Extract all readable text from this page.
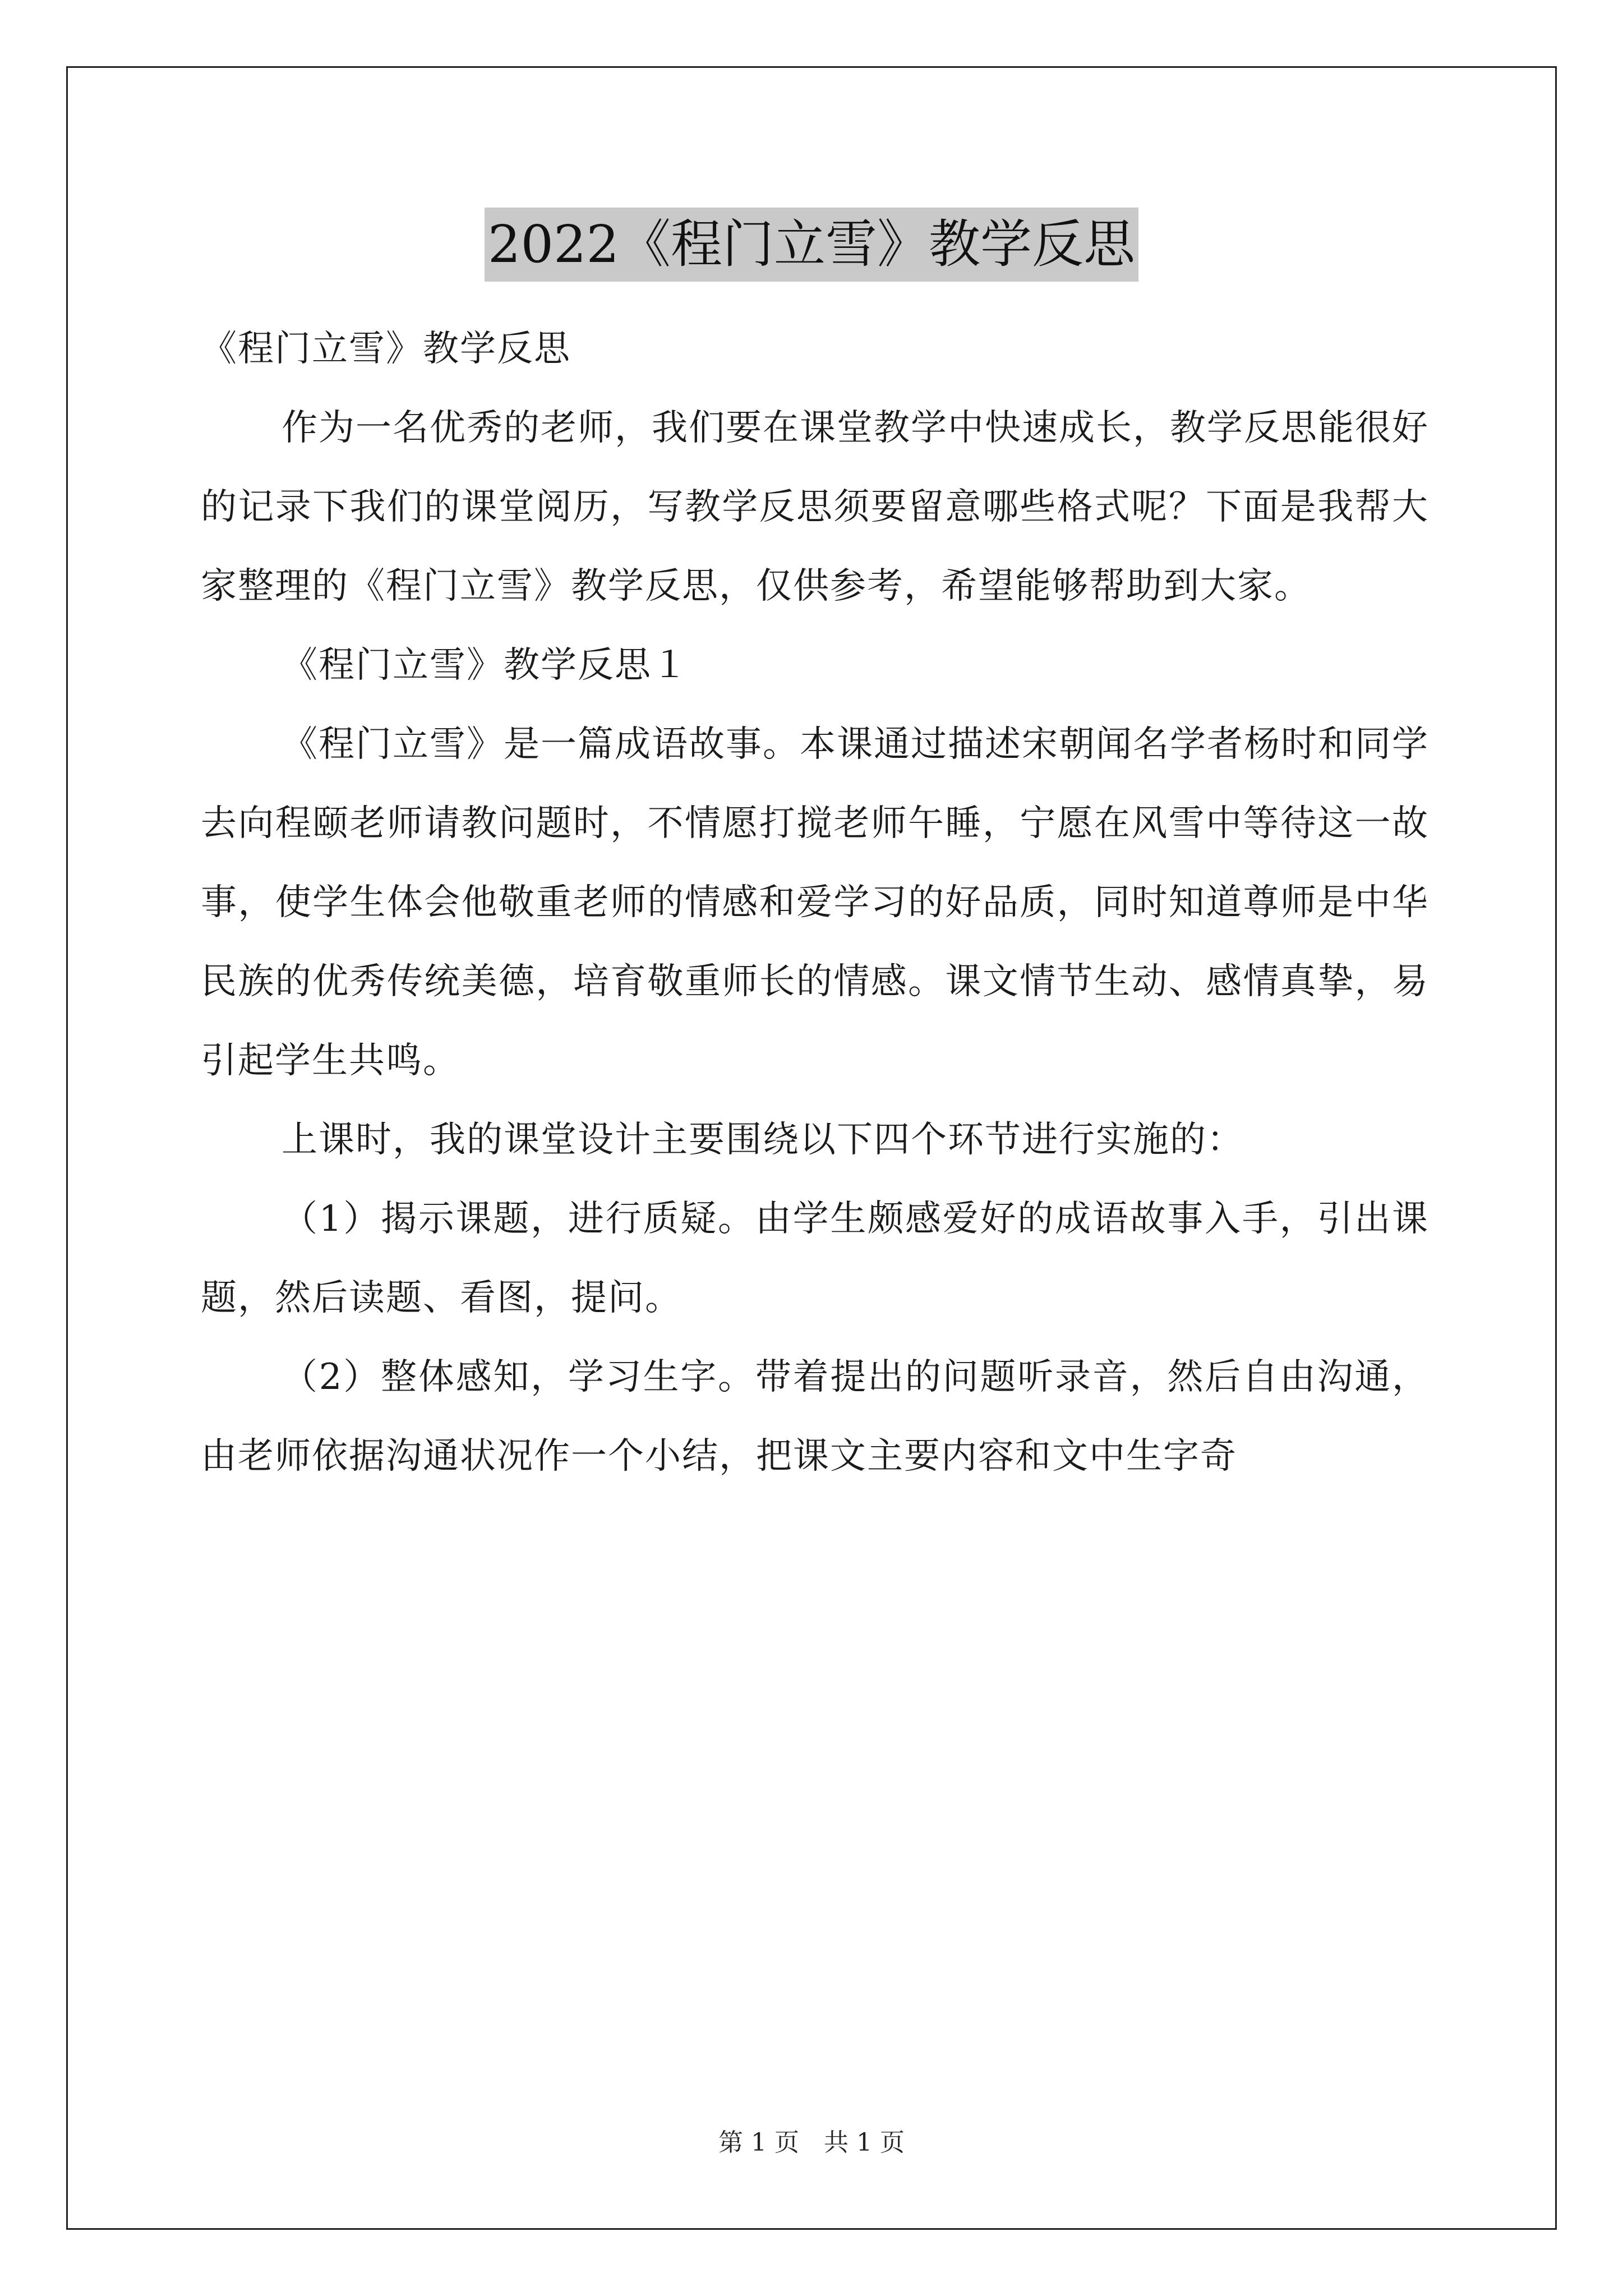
2022《程门立雪》教学反思

《程门立雪》教学反思

作为一名优秀的老师，我们要在课堂教学中快速成长，教学反思能很好的记录下我们的课堂阅历，写教学反思须要留意哪些格式呢？下面是我帮大家整理的《程门立雪》教学反思，仅供参考，希望能够帮助到大家。

《程门立雪》教学反思１

《程门立雪》是一篇成语故事。本课通过描述宋朝闻名学者杨时和同学去向程颐老师请教问题时，不情愿打搅老师午睡，宁愿在风雪中等待这一故事，使学生体会他敬重老师的情感和爱学习的好品质，同时知道尊师是中华民族的优秀传统美德，培育敬重师长的情感。课文情节生动、感情真挚，易引起学生共鸣。

上课时，我的课堂设计主要围绕以下四个环节进行实施的：

（1）揭示课题，进行质疑。由学生颇感爱好的成语故事入手，引出课题，然后读题、看图，提问。

（2）整体感知，学习生字。带着提出的问题听录音，然后自由沟通，由老师依据沟通状况作一个小结，把课文主要内容和文中生字奇

第 1 页 共 1 页
